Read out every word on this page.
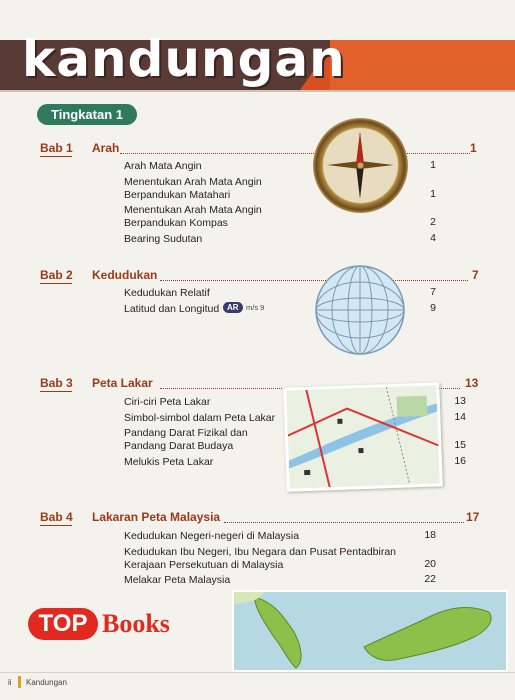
kandungan
Tingkatan 1
Bab 1 Arah	1
Arah Mata Angin	1
Menentukan Arah Mata Angin
Berpandukan Matahari	1
Menentukan Arah Mata Angin
Berpandukan Kompas	2
Bearing Sudutan	4
Bab 2 Kedudukan	7
Kedudukan Relatif	7
Latitud dan Longitud AR m/s 9	9
Bab 3 Peta Lakar	13
Ciri-ciri Peta Lakar	13
Simbol-simbol dalam Peta Lakar	14
Pandang Darat Fizikal dan
Pandang Darat Budaya	15
Melukis Peta Lakar	16
Bab 4 Lakaran Peta Malaysia	17
Kedudukan Negeri-negeri di Malaysia	18
Kedudukan Ibu Negeri, Ibu Negara dan Pusat Pentadbiran
Kerajaan Persekutuan di Malaysia	20
Melakar Peta Malaysia	22
TOP Books
ii Kandungan
